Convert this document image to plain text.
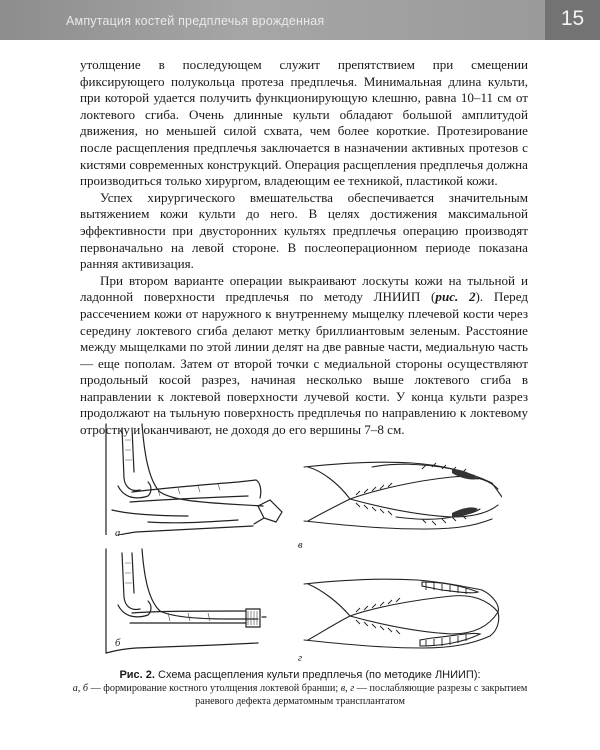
Ампутация костей предплечья врожденная	15

утолщение в последующем служит препятствием при смещении фиксирующего полукольца протеза предплечья. Минимальная длина культи, при которой удается получить функционирующую клешню, равна 10–11 см от локтевого сгиба. Очень длинные культи обладают большой амплитудой движения, но меньшей силой схвата, чем более короткие. Протезирование после расщепления предплечья заключается в назначении активных протезов с кистями современных конструкций. Операция расщепления предплечья должна производиться только хирургом, владеющим ее техникой, пластикой кожи.

Успех хирургического вмешательства обеспечивается значительным вытяжением кожи культи до него. В целях достижения максимальной эффективности при двусторонних культях предплечья операцию производят первоначально на левой стороне. В послеоперационном периоде показана ранняя активизация.

При втором варианте операции выкраивают лоскуты кожи на тыльной и ладонной поверхности предплечья по методу ЛНИИП (рис. 2). Перед рассечением кожи от наружного к внутреннему мыщелку плечевой кости через середину локтевого сгиба делают метку бриллиантовым зеленым. Расстояние между мыщелками по этой линии делят на две равные части, медиальную часть — еще пополам. Затем от второй точки с медиальной стороны осуществляют продольный косой разрез, начиная несколько выше локтевого сгиба в направлении к локтевой поверхности лучевой кости. У конца культи разрез продолжают на тыльную поверхность предплечья по направлению к локтевому отростку и оканчивают, не доходя до его вершины 7–8 см.

а
б
в
г
Рис. 2. Схема расщепления культи предплечья (по методике ЛНИИП):
а, б — формирование костного утолщения локтевой бранши; в, г — послабляющие разрезы с закрытием раневого дефекта дерматомным трансплантатом
